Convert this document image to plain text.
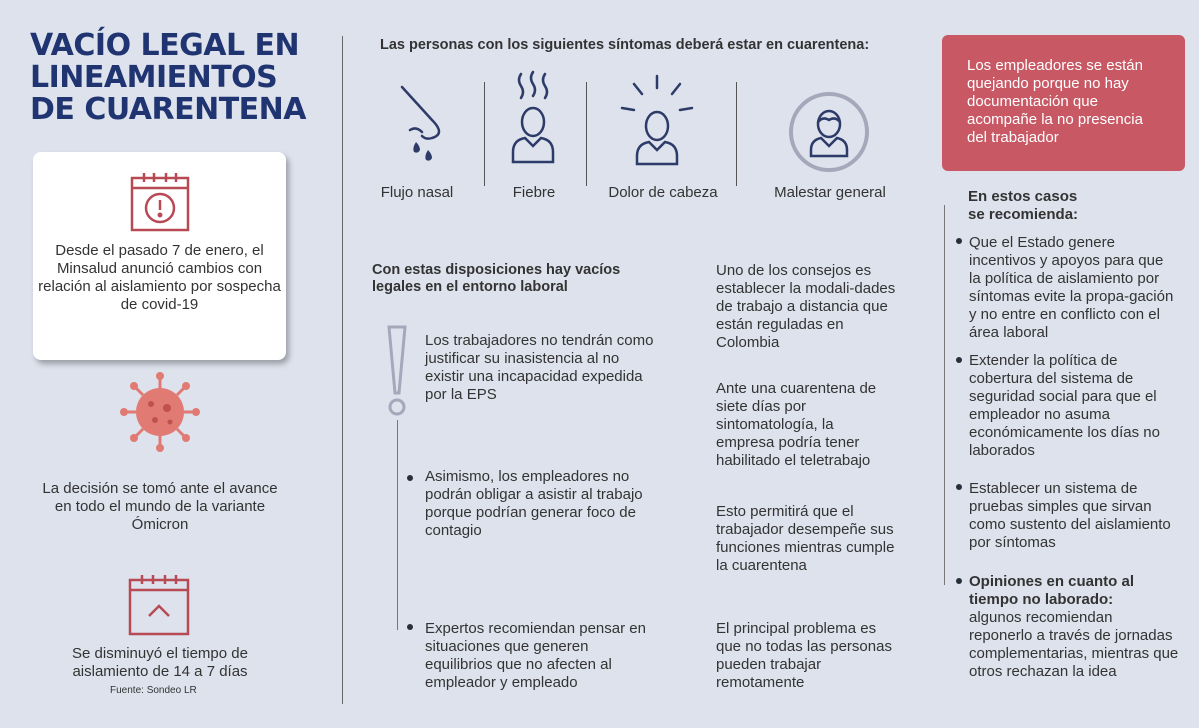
VACÍO LEGAL EN LINEAMIENTOS DE CUARENTENA
Desde el pasado 7 de enero, el Minsalud anunció cambios con relación al aislamiento por sospecha de covid-19
La decisión se tomó ante el avance en todo el mundo de la variante Ómicron
Se disminuyó el tiempo de aislamiento de 14 a 7 días
Fuente: Sondeo LR
Las personas con los siguientes síntomas deberá estar en cuarentena:
Flujo nasal	Fiebre	Dolor de cabeza	Malestar general
Con estas disposiciones hay vacíos legales en el entorno laboral
Los trabajadores no tendrán como justificar su inasistencia al no existir una incapacidad expedida por la EPS
Asimismo, los empleadores no podrán obligar a asistir al trabajo porque podrían generar foco de contagio
Expertos recomiendan pensar en situaciones que generen equilibrios que no afecten al empleador y empleado
Uno de los consejos es establecer la modali-dades de trabajo a distancia que están reguladas en Colombia
Ante una cuarentena de siete días por sintomatología, la empresa podría tener habilitado el teletrabajo
Esto permitirá que el trabajador desempeñe sus funciones mientras cumple la cuarentena
El principal problema es que no todas las personas pueden trabajar remotamente
Los empleadores se están quejando porque no hay documentación que acompañe la no presencia del trabajador
En estos casos se recomienda:
Que el Estado genere incentivos y apoyos para que la política de aislamiento por síntomas evite la propa-gación y no entre en conflicto con el área laboral
Extender la política de cobertura del sistema de seguridad social para que el empleador no asuma económicamente los días no laborados
Establecer un sistema de pruebas simples que sirvan como sustento del aislamiento por síntomas
Opiniones en cuanto al tiempo no laborado:
algunos recomiendan reponerlo a través de jornadas complementarias, mientras que otros rechazan la idea
